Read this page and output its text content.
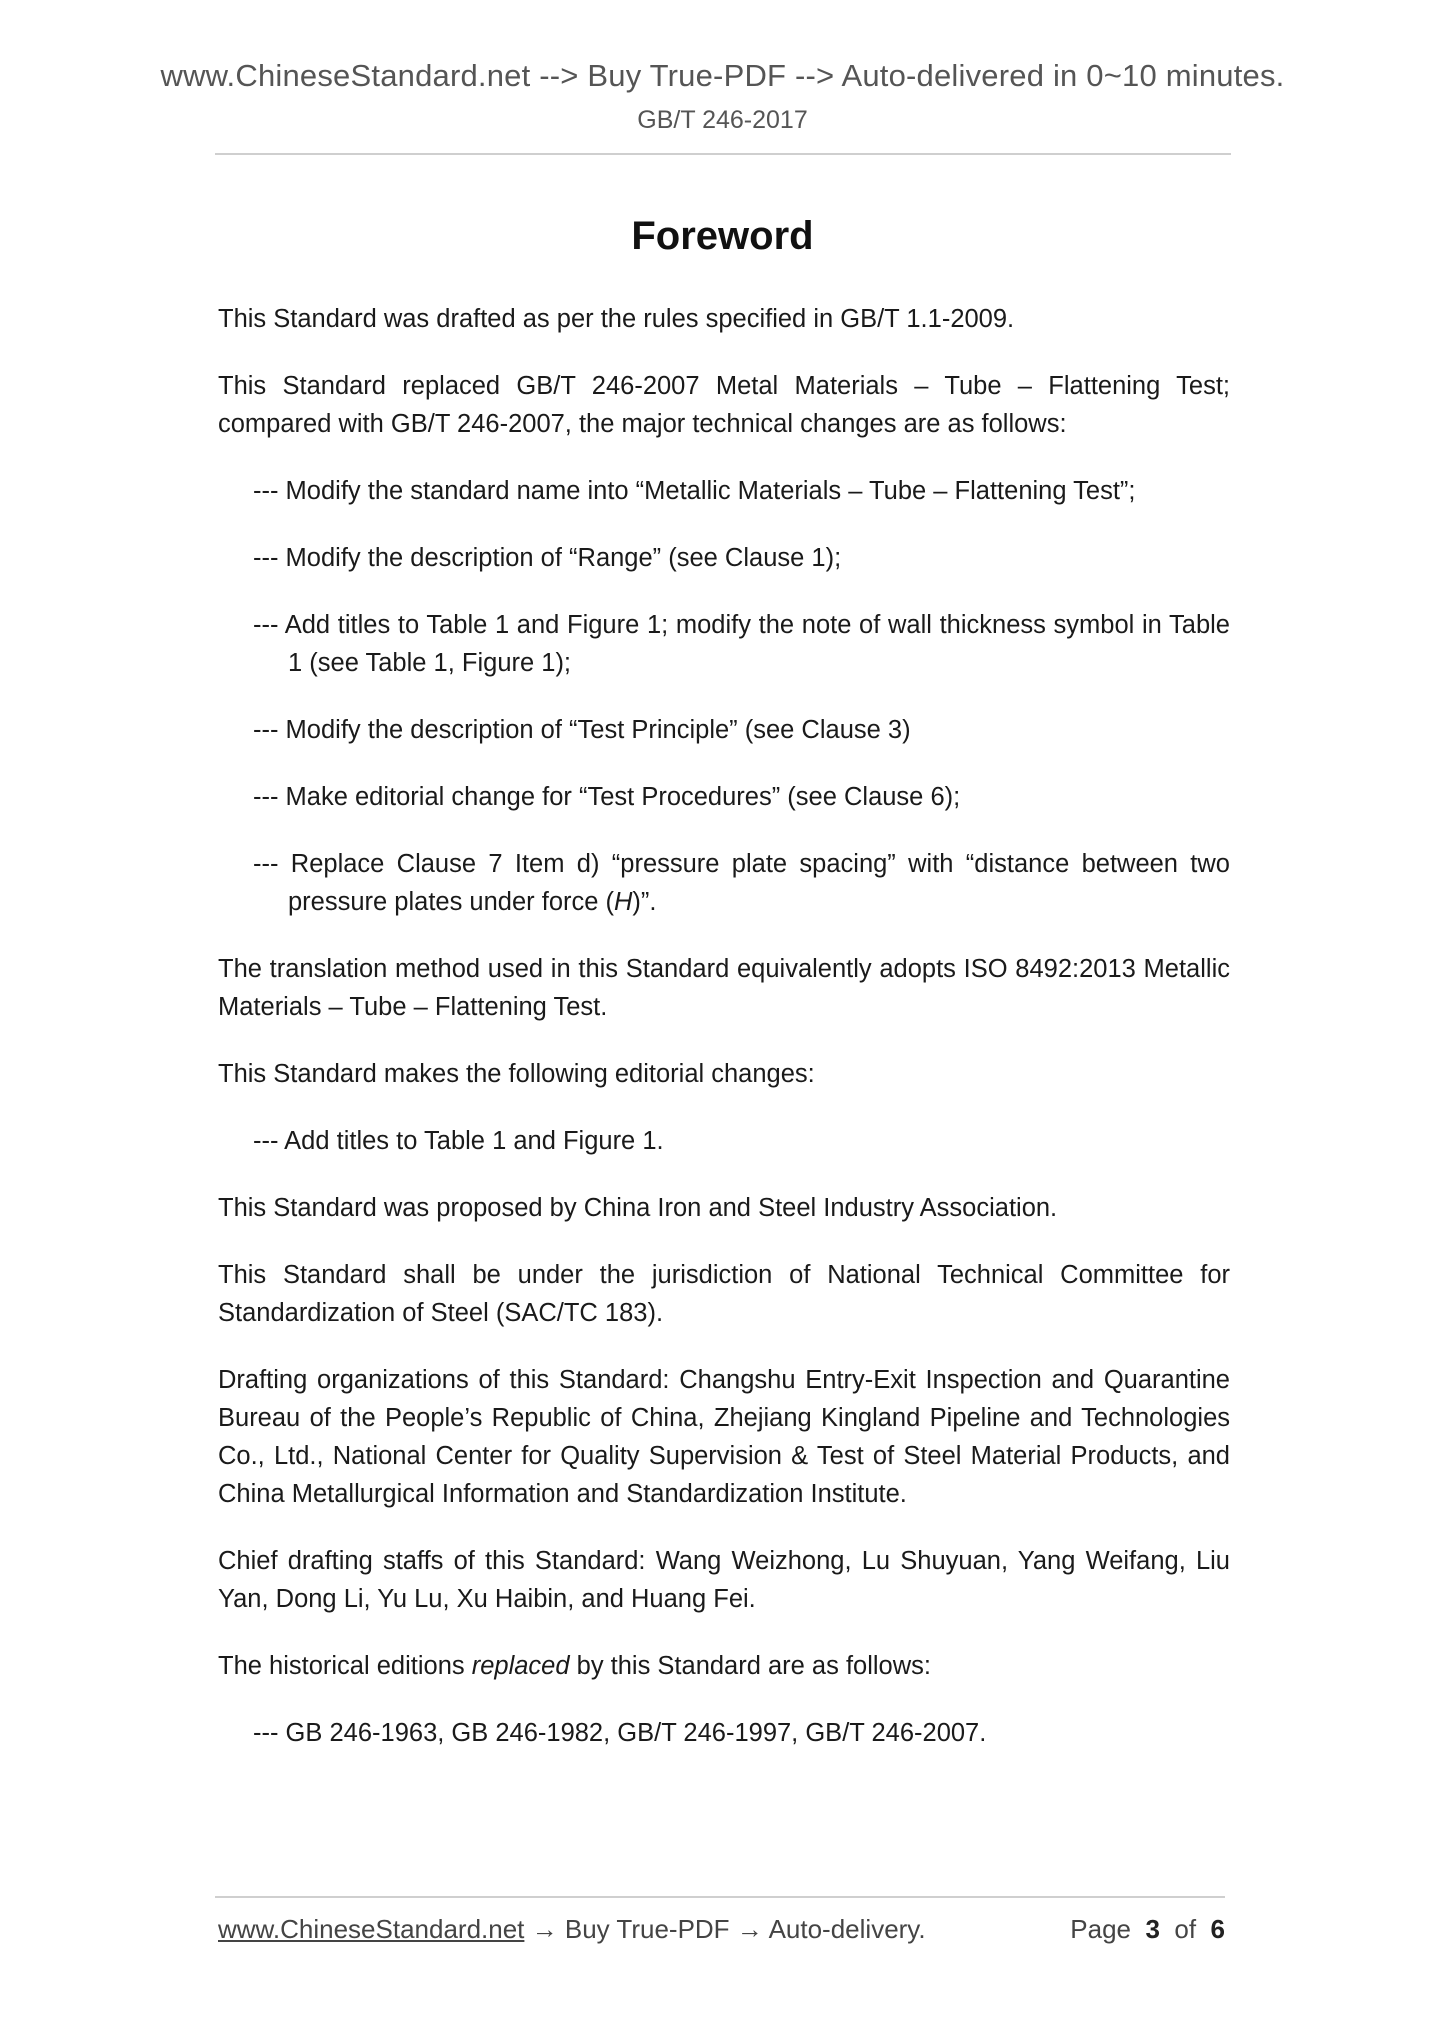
www.ChineseStandard.net --> Buy True-PDF --> Auto-delivered in 0~10 minutes.
GB/T 246-2017
Foreword

This Standard was drafted as per the rules specified in GB/T 1.1-2009.

This Standard replaced GB/T 246-2007 Metal Materials – Tube – Flattening Test; compared with GB/T 246-2007, the major technical changes are as follows:

--- Modify the standard name into “Metallic Materials – Tube – Flattening Test”;

--- Modify the description of “Range” (see Clause 1);

--- Add titles to Table 1 and Figure 1; modify the note of wall thickness symbol in Table 1 (see Table 1, Figure 1);

--- Modify the description of “Test Principle” (see Clause 3)

--- Make editorial change for “Test Procedures” (see Clause 6);

--- Replace Clause 7 Item d) “pressure plate spacing” with “distance between two pressure plates under force (H)”.

The translation method used in this Standard equivalently adopts ISO 8492:2013 Metallic Materials – Tube – Flattening Test.

This Standard makes the following editorial changes:

--- Add titles to Table 1 and Figure 1.

This Standard was proposed by China Iron and Steel Industry Association.

This Standard shall be under the jurisdiction of National Technical Committee for Standardization of Steel (SAC/TC 183).

Drafting organizations of this Standard: Changshu Entry-Exit Inspection and Quarantine Bureau of the People’s Republic of China, Zhejiang Kingland Pipeline and Technologies Co., Ltd., National Center for Quality Supervision & Test of Steel Material Products, and China Metallurgical Information and Standardization Institute.

Chief drafting staffs of this Standard: Wang Weizhong, Lu Shuyuan, Yang Weifang, Liu Yan, Dong Li, Yu Lu, Xu Haibin, and Huang Fei.

The historical editions replaced by this Standard are as follows:

--- GB 246-1963, GB 246-1982, GB/T 246-1997, GB/T 246-2007.

www.ChineseStandard.net → Buy True-PDF → Auto-delivery.	Page 3 of 6
